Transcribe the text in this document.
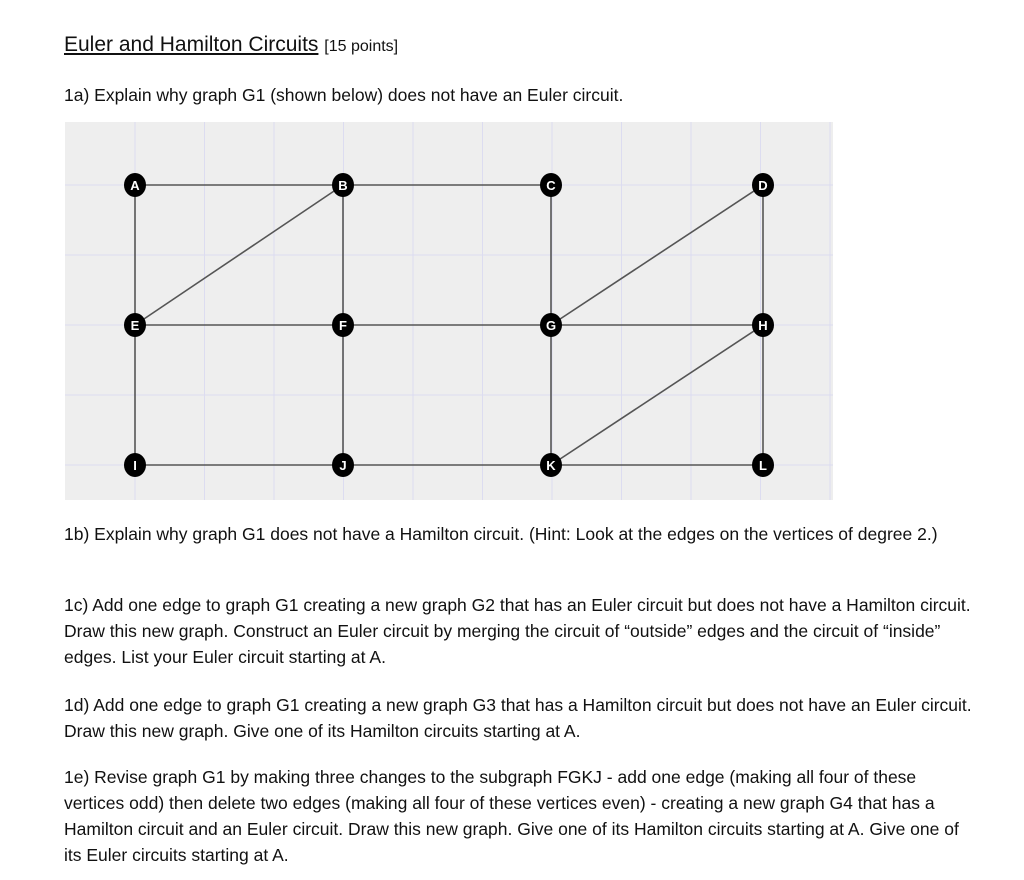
Euler and Hamilton Circuits [15 points]
1a) Explain why graph G1 (shown below) does not have an Euler circuit.
A	B	C	D
E	F	G	H
I	J	K	L
1b) Explain why graph G1 does not have a Hamilton circuit. (Hint: Look at the edges on the vertices of degree 2.)
1c) Add one edge to graph G1 creating a new graph G2 that has an Euler circuit but does not have a Hamilton circuit. Draw this new graph. Construct an Euler circuit by merging the circuit of “outside” edges and the circuit of “inside” edges. List your Euler circuit starting at A.
1d) Add one edge to graph G1 creating a new graph G3 that has a Hamilton circuit but does not have an Euler circuit. Draw this new graph. Give one of its Hamilton circuits starting at A.
1e) Revise graph G1 by making three changes to the subgraph FGKJ - add one edge (making all four of these vertices odd) then delete two edges (making all four of these vertices even) - creating a new graph G4 that has a Hamilton circuit and an Euler circuit. Draw this new graph. Give one of its Hamilton circuits starting at A. Give one of its Euler circuits starting at A.
